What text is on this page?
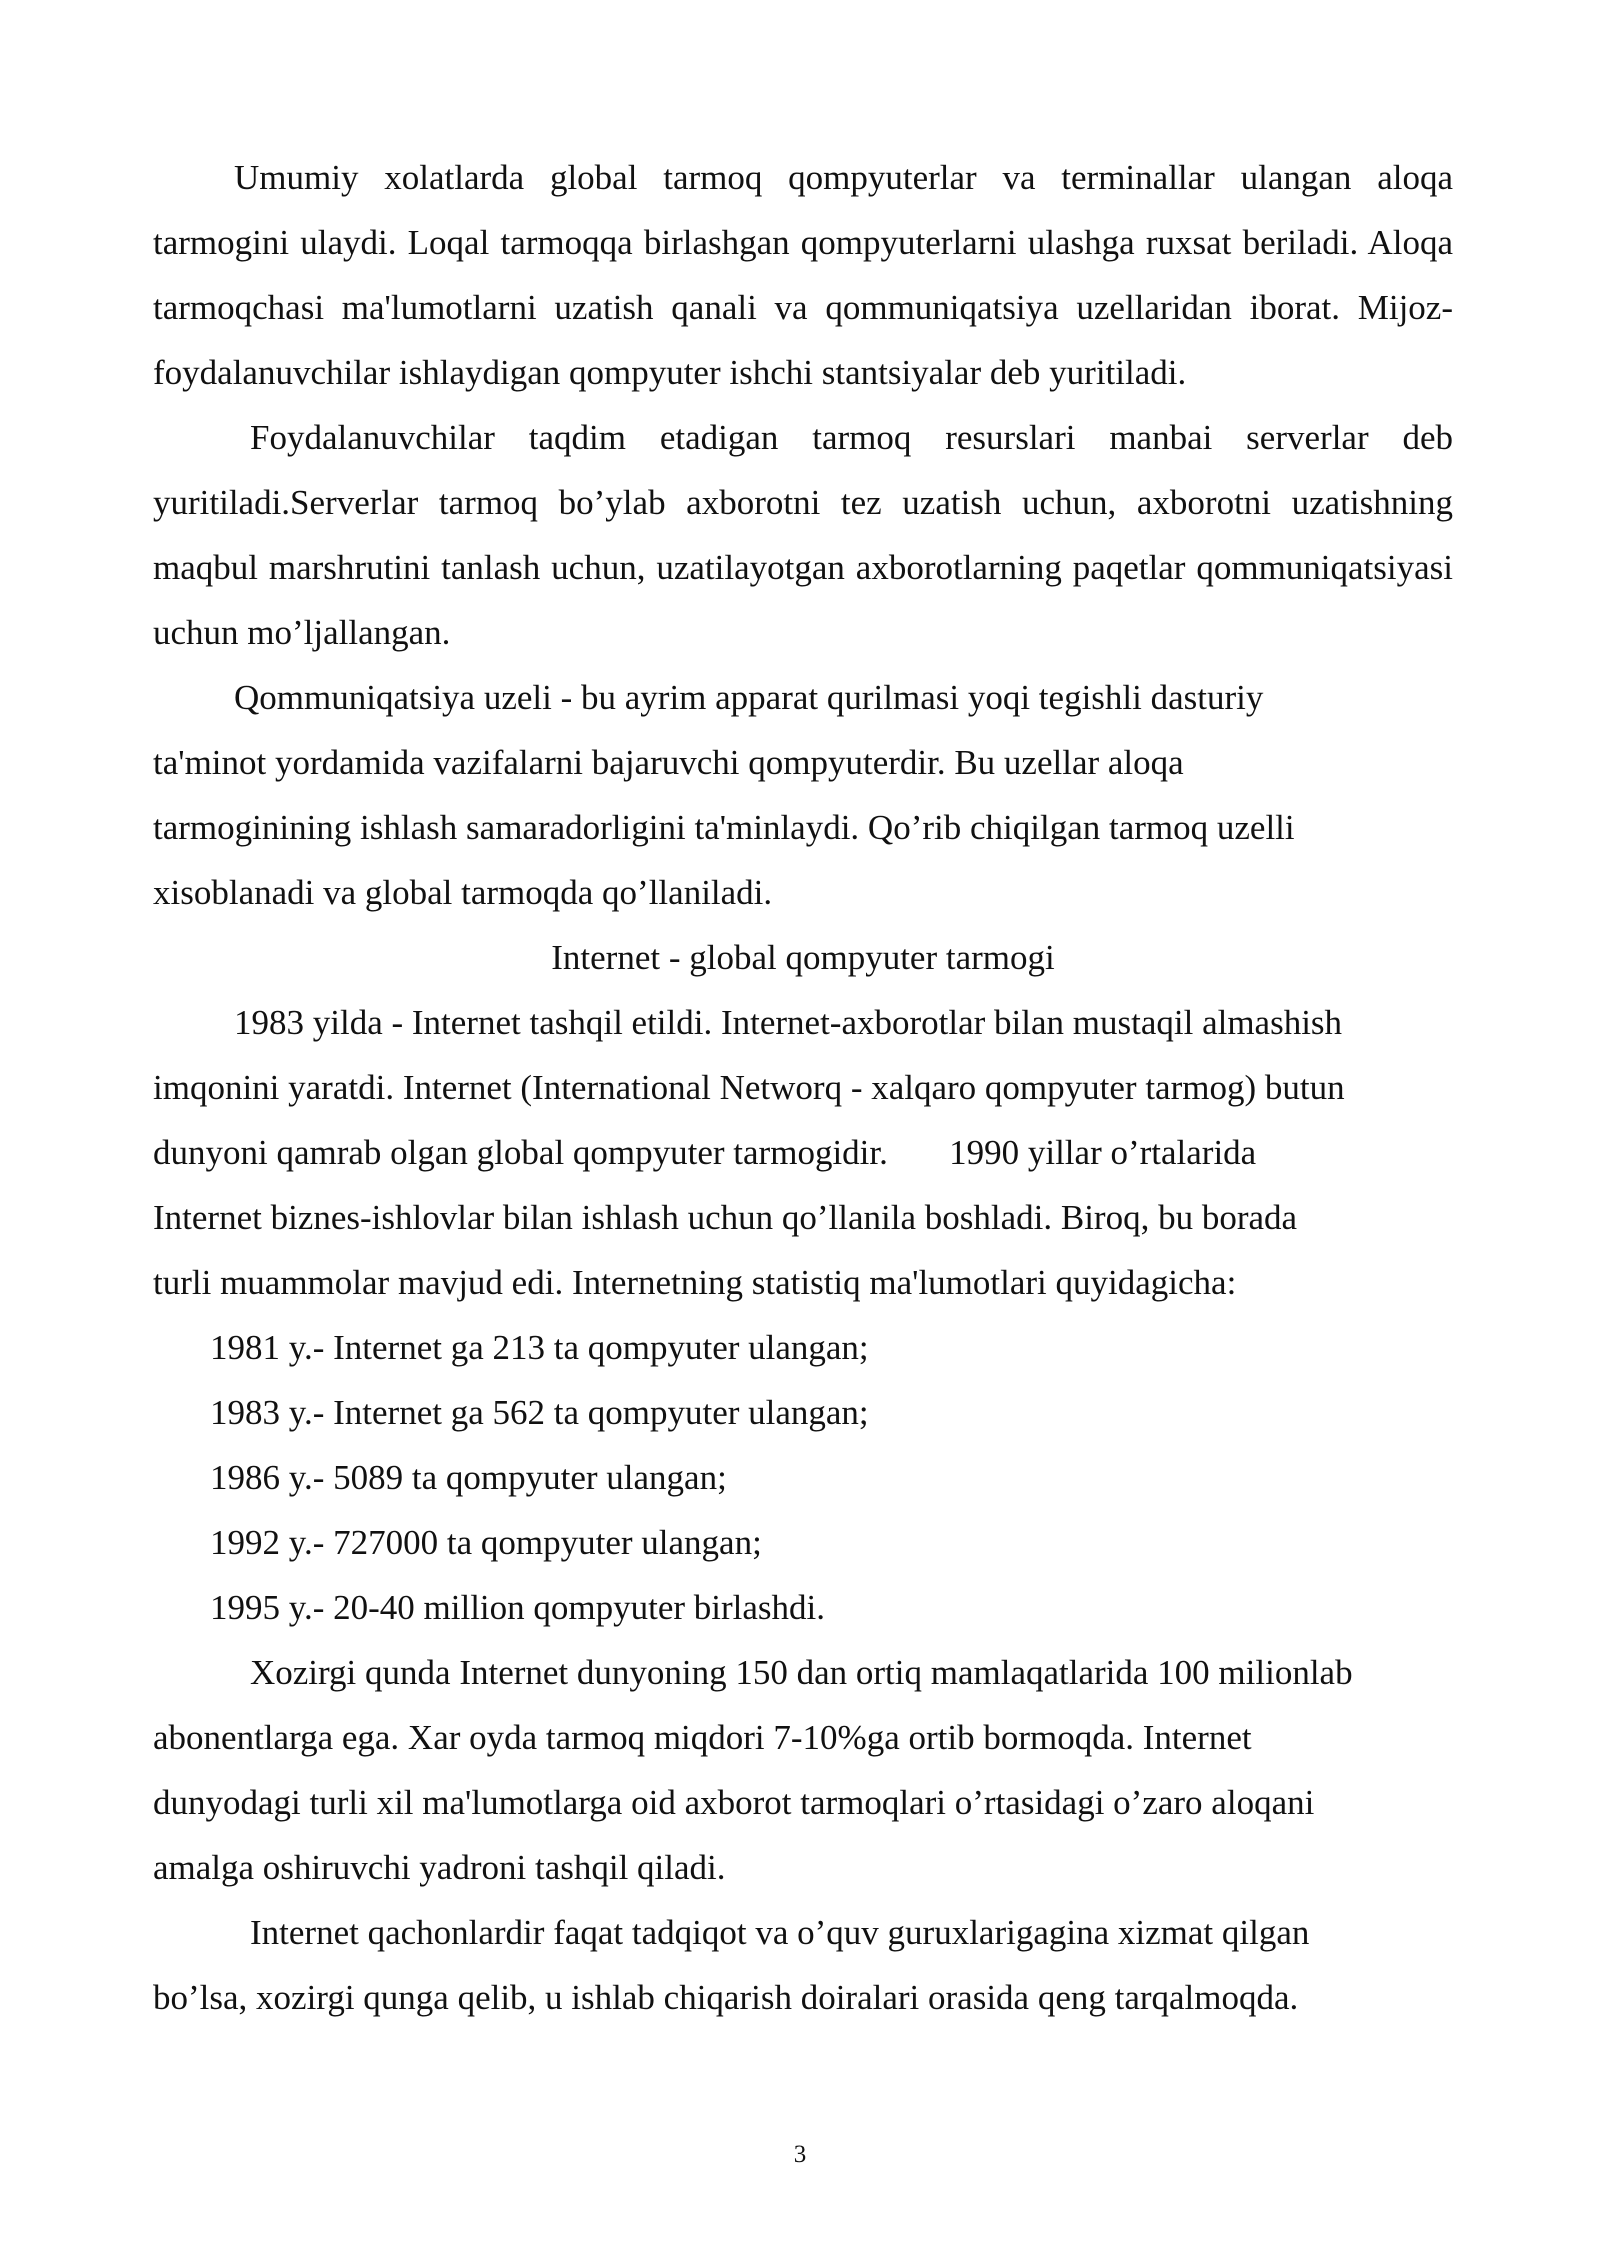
Umumiy xolatlarda global tarmoq qompyuterlar va terminallar ulangan aloqa tarmogini ulaydi. Loqal tarmoqqa birlashgan qompyuterlarni ulashga ruxsat beriladi. Aloqa tarmoqchasi ma'lumotlarni uzatish qanali va qommuniqatsiya uzellaridan iborat. Mijoz-foydalanuvchilar ishlaydigan qompyuter ishchi stantsiyalar deb yuritiladi.

Foydalanuvchilar taqdim etadigan tarmoq resurslari manbai serverlar deb yuritiladi.Serverlar tarmoq bo’ylab axborotni tez uzatish uchun, axborotni uzatishning maqbul marshrutini tanlash uchun, uzatilayotgan axborotlarning paqetlar qommuniqatsiyasi uchun mo’ljallangan.

Qommuniqatsiya uzeli - bu ayrim apparat qurilmasi yoqi tegishli dasturiy

ta'minot yordamida vazifalarni bajaruvchi qompyuterdir. Bu uzellar aloqa

tarmoginining ishlash samaradorligini ta'minlaydi. Qo’rib chiqilgan tarmoq uzelli

xisoblanadi va global tarmoqda qo’llaniladi.

Internet - global qompyuter tarmogi

1983 yilda - Internet tashqil etildi. Internet-axborotlar bilan mustaqil almashish

imqonini yaratdi. Internet (International Networq - xalqaro qompyuter tarmog) butun

dunyoni qamrab olgan global qompyuter tarmogidir.       1990 yillar o’rtalarida

Internet biznes-ishlovlar bilan ishlash uchun qo’llanila boshladi. Biroq, bu borada

turli muammolar mavjud edi. Internetning statistiq ma'lumotlari quyidagicha:

1981 y.- Internet ga 213 ta qompyuter ulangan;

1983 y.- Internet ga 562 ta qompyuter ulangan;

1986 y.- 5089 ta qompyuter ulangan;

1992 y.- 727000 ta qompyuter ulangan;

1995 y.- 20-40 million qompyuter birlashdi.

Xozirgi qunda Internet dunyoning 150 dan ortiq mamlaqatlarida 100 milionlab

abonentlarga ega. Xar oyda tarmoq miqdori 7-10%ga ortib bormoqda. Internet

dunyodagi turli xil ma'lumotlarga oid axborot tarmoqlari o’rtasidagi o’zaro aloqani

amalga oshiruvchi yadroni tashqil qiladi.

Internet qachonlardir faqat tadqiqot va o’quv guruxlarigagina xizmat qilgan

bo’lsa, xozirgi qunga qelib, u ishlab chiqarish doiralari orasida qeng tarqalmoqda.

3
